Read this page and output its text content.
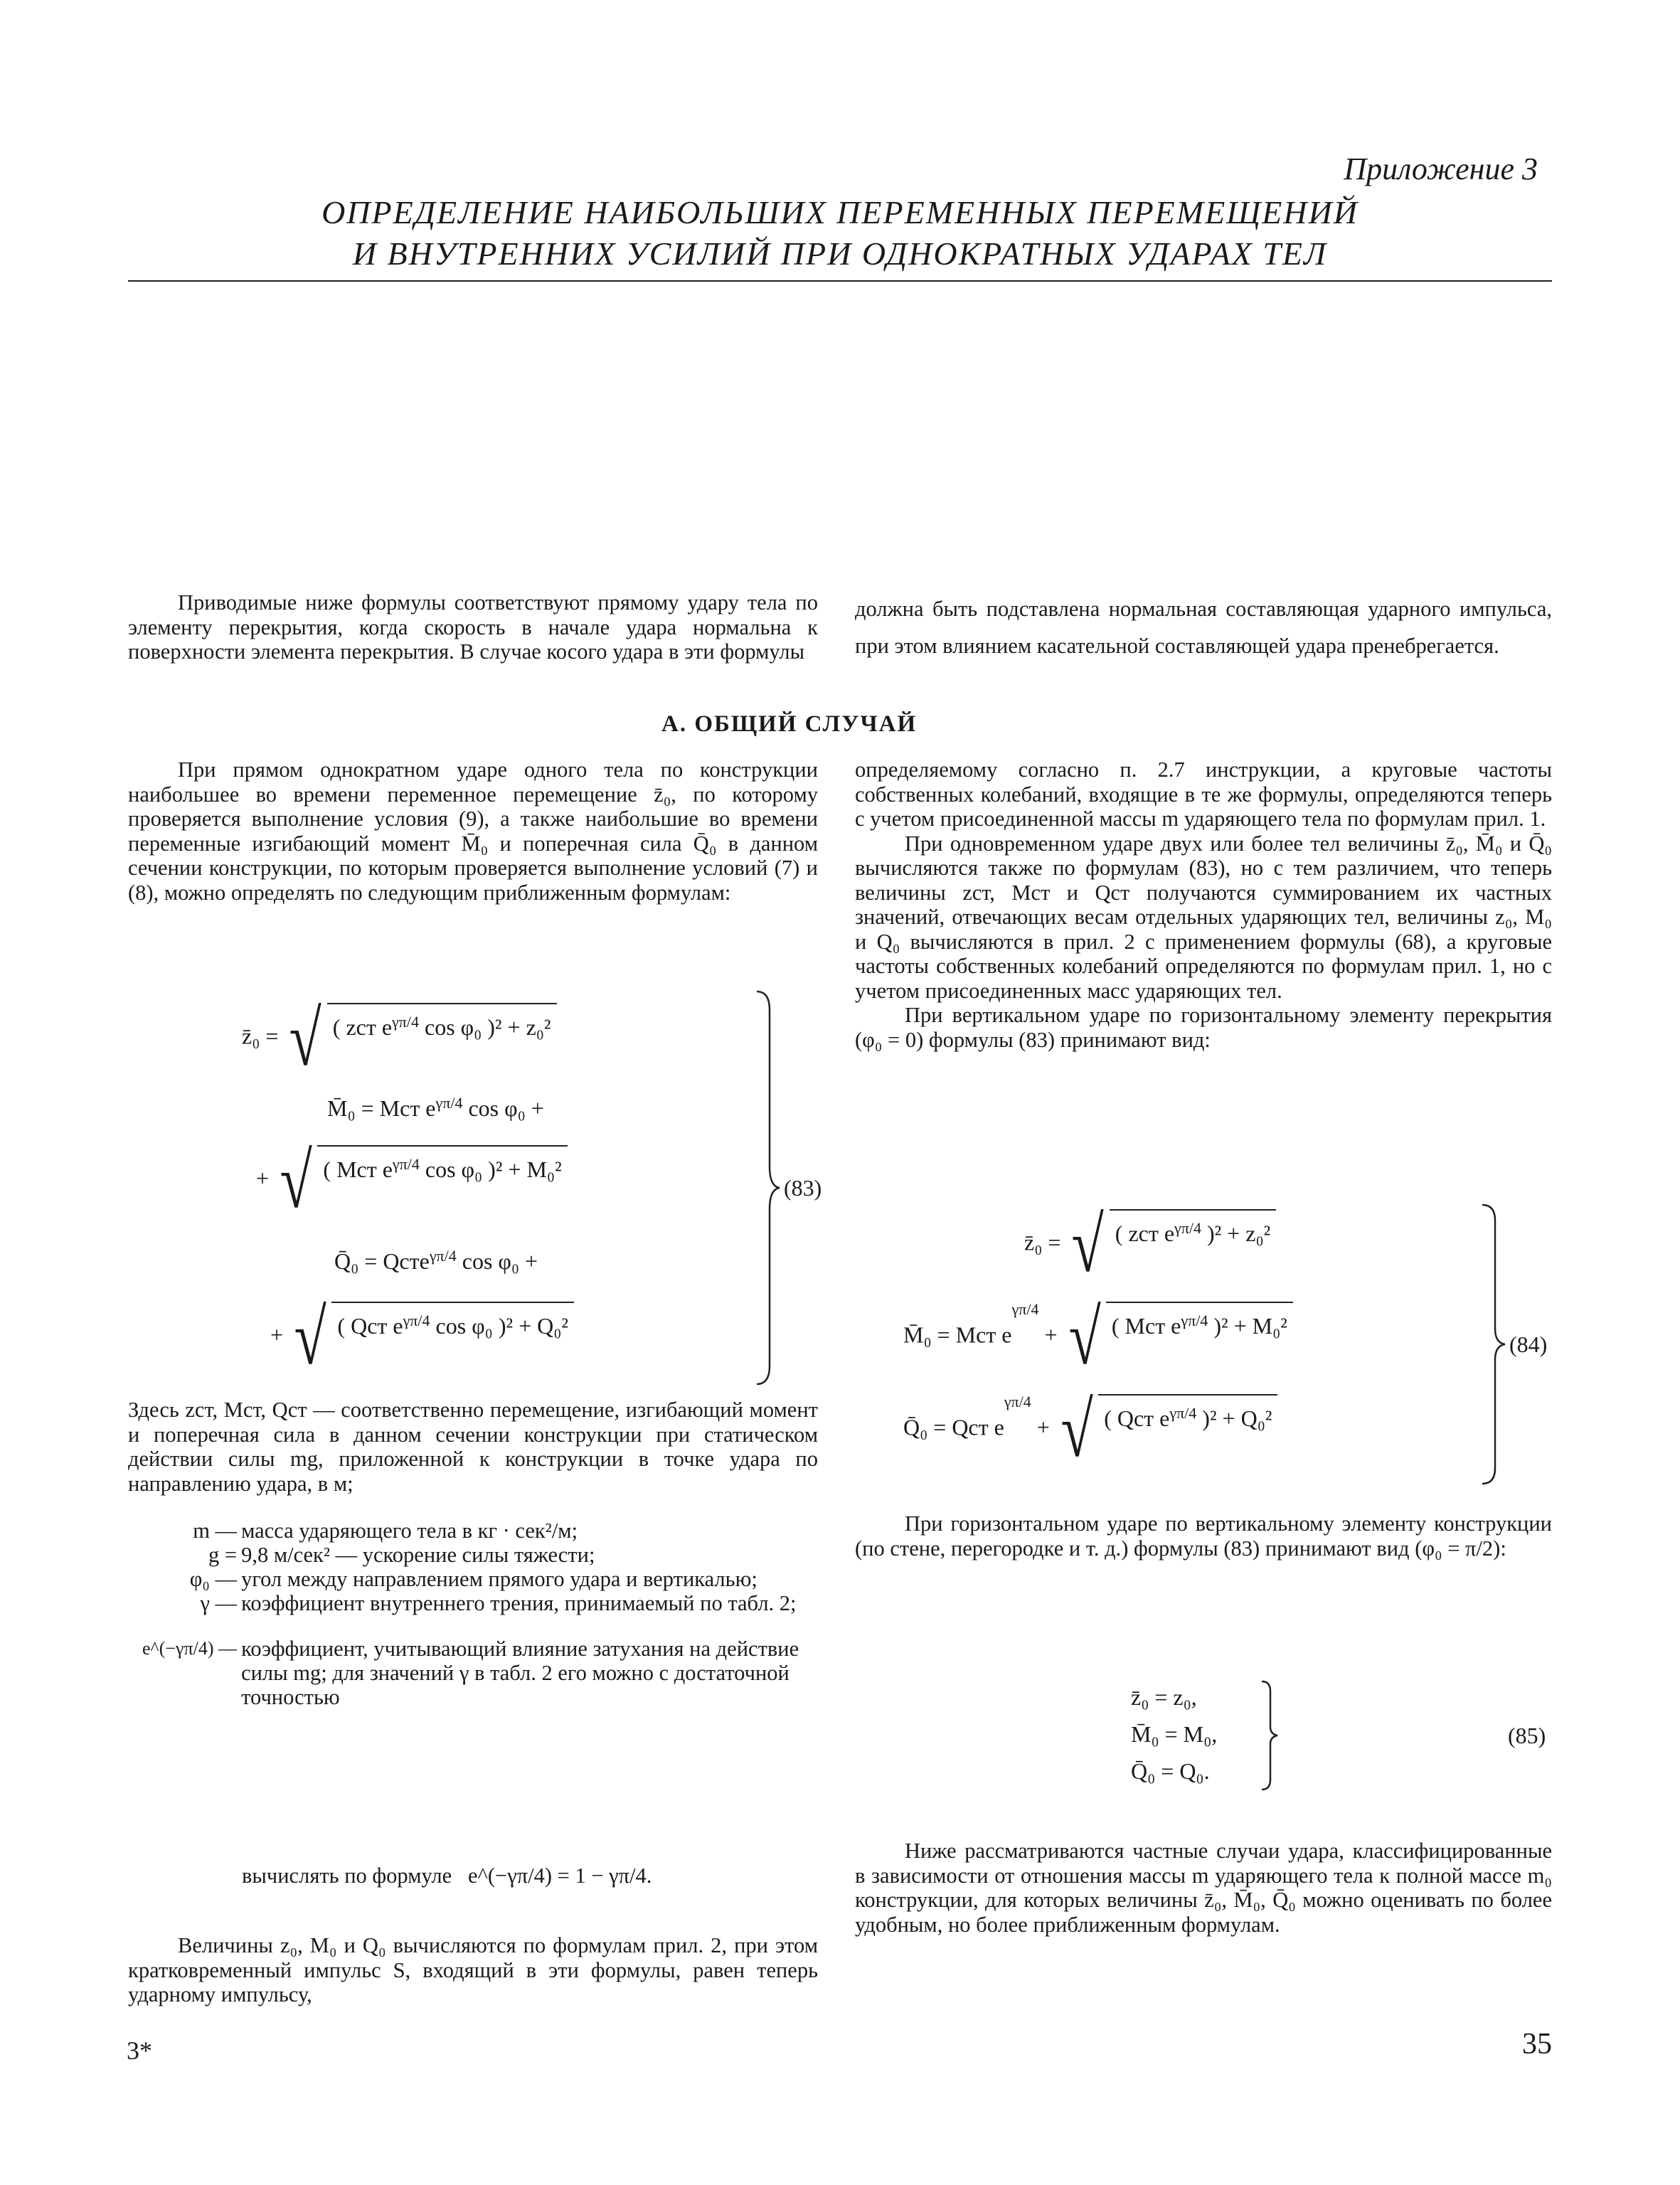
Приложение 3
ОПРЕДЕЛЕНИЕ НАИБОЛЬШИХ ПЕРЕМЕННЫХ ПЕРЕМЕЩЕНИЙ
И ВНУТРЕННИХ УСИЛИЙ ПРИ ОДНОКРАТНЫХ УДАРАХ ТЕЛ

Приводимые ниже формулы соответствуют прямому удару тела по элементу перекрытия, когда скорость в начале удара нормальна к поверхности элемента перекрытия. В случае косого удара в эти формулы

должна быть подставлена нормальная составляющая ударного импульса, при этом влиянием касательной составляющей удара пренебрегается.

А. ОБЩИЙ СЛУЧАЙ

При прямом однократном ударе одного тела по конструкции наибольшее во времени переменное перемещение z̄₀, по которому проверяется выполнение условия (9), а также наибольшие во времени переменные изгибающий момент M̄₀ и поперечная сила Q̄₀ в данном сечении конструкции, по которым проверяется выполнение условий (7) и (8), можно определять по следующим приближенным формулам:

z̄₀ = √ ( zст $e^{\gamma\pi/4}$ cos φ₀ )² + z₀²
M̄₀ = Mст $e^{\gamma\pi/4}$ cos φ₀ +
+ √ ( Mст $e^{\gamma\pi/4}$ cos φ₀ )² + M₀²
Q̄₀ = Qстe$^{\gamma\pi/4}$ cos φ₀ +
+ √ ( Qст $e^{\gamma\pi/4}$ cos φ₀ )² + Q₀²
(83)

Здесь zст, Mст, Qст — соответственно перемещение, изгибающий момент и поперечная сила в данном сечении конструкции при статическом действии силы mg, приложенной к конструкции в точке удара по направлению удара, в м;

m —	масса ударяющего тела в кг · сек²/м;
g =	9,8 м/сек² — ускорение силы тяжести;
φ₀ —	угол между направлением прямого удара и вертикалью;
γ —	коэффициент внутреннего трения, принимаемый по табл. 2;
e^(−γπ/4) —	коэффициент, учитывающий влияние затухания на действие силы mg; для значений γ в табл. 2 его можно с достаточной точностью
вычислять по формуле e^(−γπ/4) = 1 − γπ/4.

Величины z₀, M₀ и Q₀ вычисляются по формулам прил. 2, при этом кратковременный импульс S, входящий в эти формулы, равен теперь ударному импульсу,

определяемому согласно п. 2.7 инструкции, а круговые частоты собственных колебаний, входящие в те же формулы, определяются теперь с учетом присоединенной массы m ударяющего тела по формулам прил. 1.

При одновременном ударе двух или более тел величины z̄₀, M̄₀ и Q̄₀ вычисляются также по формулам (83), но с тем различием, что теперь величины zст, Mст и Qст получаются суммированием их частных значений, отвечающих весам отдельных ударяющих тел, величины z₀, M₀ и Q₀ вычисляются в прил. 2 с применением формулы (68), а круговые частоты собственных колебаний определяются по формулам прил. 1, но с учетом присоединенных масс ударяющих тел.

При вертикальном ударе по горизонтальному элементу перекрытия (φ₀ = 0) формулы (83) принимают вид:

z̄₀ = √ ( zст $e^{\gamma\pi/4}$ )² + z₀²
M̄₀ = Mст $e^{\gamma\pi/4}$ + √ ( Mст $e^{\gamma\pi/4}$ )² + M₀²
Q̄₀ = Qст $e^{\gamma\pi/4}$ + √ ( Qст $e^{\gamma\pi/4}$ )² + Q₀²
(84)

При горизонтальном ударе по вертикальному элементу конструкции (по стене, перегородке и т. д.) формулы (83) принимают вид (φ₀ = π/2):

z̄₀ = z₀,
M̄₀ = M₀,
Q̄₀ = Q₀.
(85)

Ниже рассматриваются частные случаи удара, классифицированные в зависимости от отношения массы m ударяющего тела к полной массе m₀ конструкции, для которых величины z̄₀, M̄₀, Q̄₀ можно оценивать по более удобным, но более приближенным формулам.

3*	35
